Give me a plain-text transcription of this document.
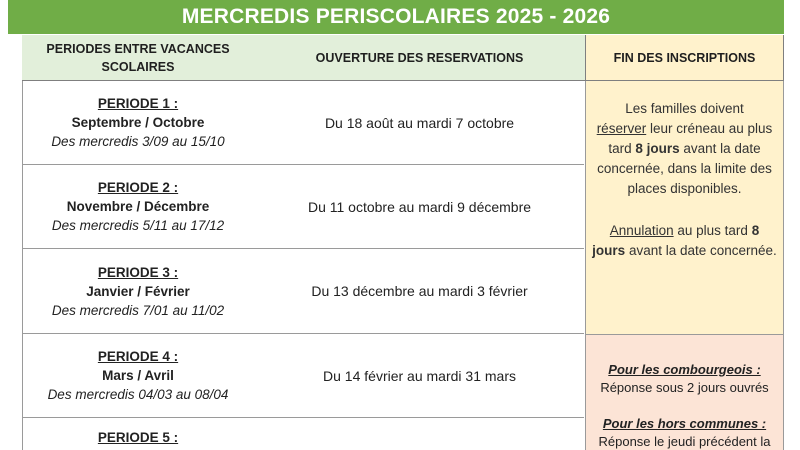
MERCREDIS PERISCOLAIRES 2025 - 2026
PERIODES ENTRE VACANCES SCOLAIRES
OUVERTURE DES RESERVATIONS	FIN DES INSCRIPTIONS
PERIODE 1 :
Septembre / Octobre
Des mercredis 3/09 au 15/10
Du 18 août au mardi 7 octobre
PERIODE 2 :
Novembre / Décembre
Des mercredis 5/11 au 17/12
Du 11 octobre au mardi 9 décembre
PERIODE 3 :
Janvier / Février
Des mercredis 7/01 au 11/02
Du 13 décembre au mardi 3 février
PERIODE 4 :
Mars / Avril
Des mercredis 04/03 au 08/04
Du 14 février au mardi 31 mars
PERIODE 5 :

Les familles doivent
réserver leur créneau au plus tard 8 jours avant la date concernée, dans la limite des places disponibles.

Annulation au plus tard 8 jours avant la date concernée.

Pour les combourgeois :

Réponse sous 2 jours ouvrés

Pour les hors communes :

Réponse le jeudi précédent la
